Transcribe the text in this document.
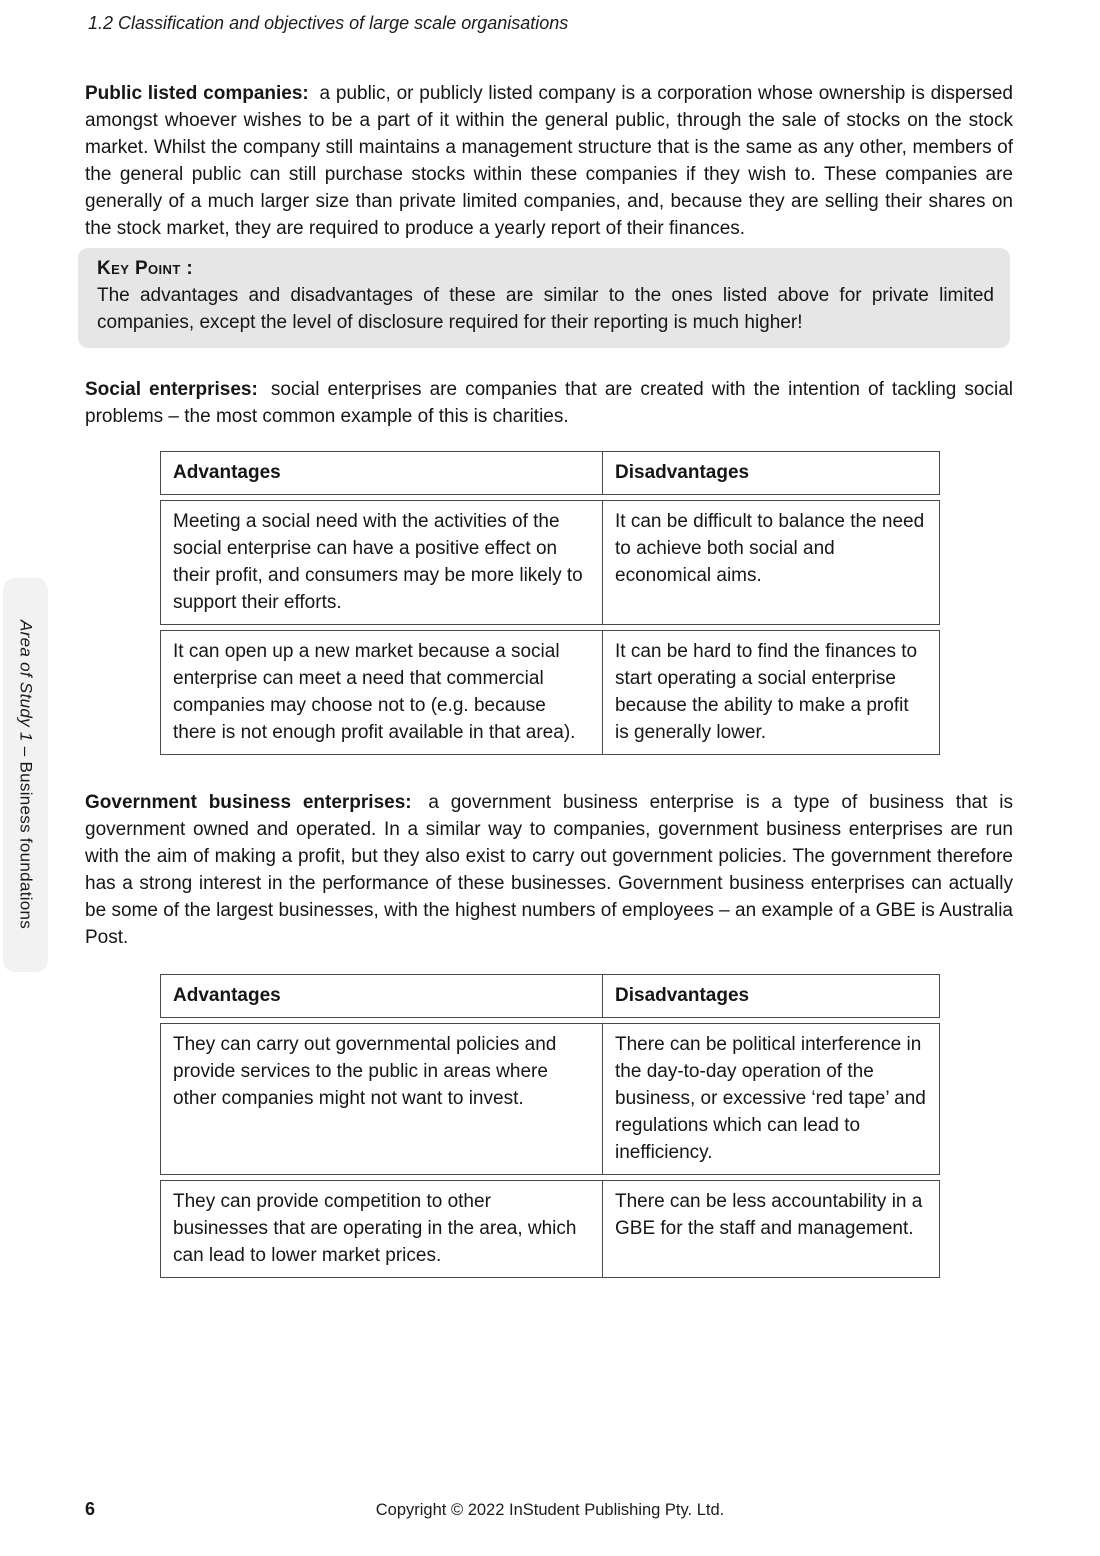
1.2 Classification and objectives of large scale organisations
Area of Study 1 – Business foundations

Public listed companies: a public, or publicly listed company is a corporation whose ownership is dispersed amongst whoever wishes to be a part of it within the general public, through the sale of stocks on the stock market. Whilst the company still maintains a management structure that is the same as any other, members of the general public can still purchase stocks within these companies if they wish to. These companies are generally of a much larger size than private limited companies, and, because they are selling their shares on the stock market, they are required to produce a yearly report of their finances.

Key Point :
The advantages and disadvantages of these are similar to the ones listed above for private limited companies, except the level of disclosure required for their reporting is much higher!

Social enterprises: social enterprises are companies that are created with the intention of tackling social problems – the most common example of this is charities.

Advantages	Disadvantages
Meeting a social need with the activities of the social enterprise can have a positive effect on their profit, and consumers may be more likely to support their efforts.	It can be difficult to balance the need to achieve both social and economical aims.
It can open up a new market because a social enterprise can meet a need that commercial companies may choose not to (e.g. because there is not enough profit available in that area).	It can be hard to find the finances to start operating a social enterprise because the ability to make a profit is generally lower.

Government business enterprises: a government business enterprise is a type of business that is government owned and operated. In a similar way to companies, government business enterprises are run with the aim of making a profit, but they also exist to carry out government policies. The government therefore has a strong interest in the performance of these businesses. Government business enterprises can actually be some of the largest businesses, with the highest numbers of employees – an example of a GBE is Australia Post.

Advantages	Disadvantages
They can carry out governmental policies and provide services to the public in areas where other companies might not want to invest.	There can be political interference in the day-to-day operation of the business, or excessive ‘red tape’ and regulations which can lead to inefficiency.
They can provide competition to other businesses that are operating in the area, which can lead to lower market prices.	There can be less accountability in a GBE for the staff and management.
6	Copyright © 2022 InStudent Publishing Pty. Ltd.
